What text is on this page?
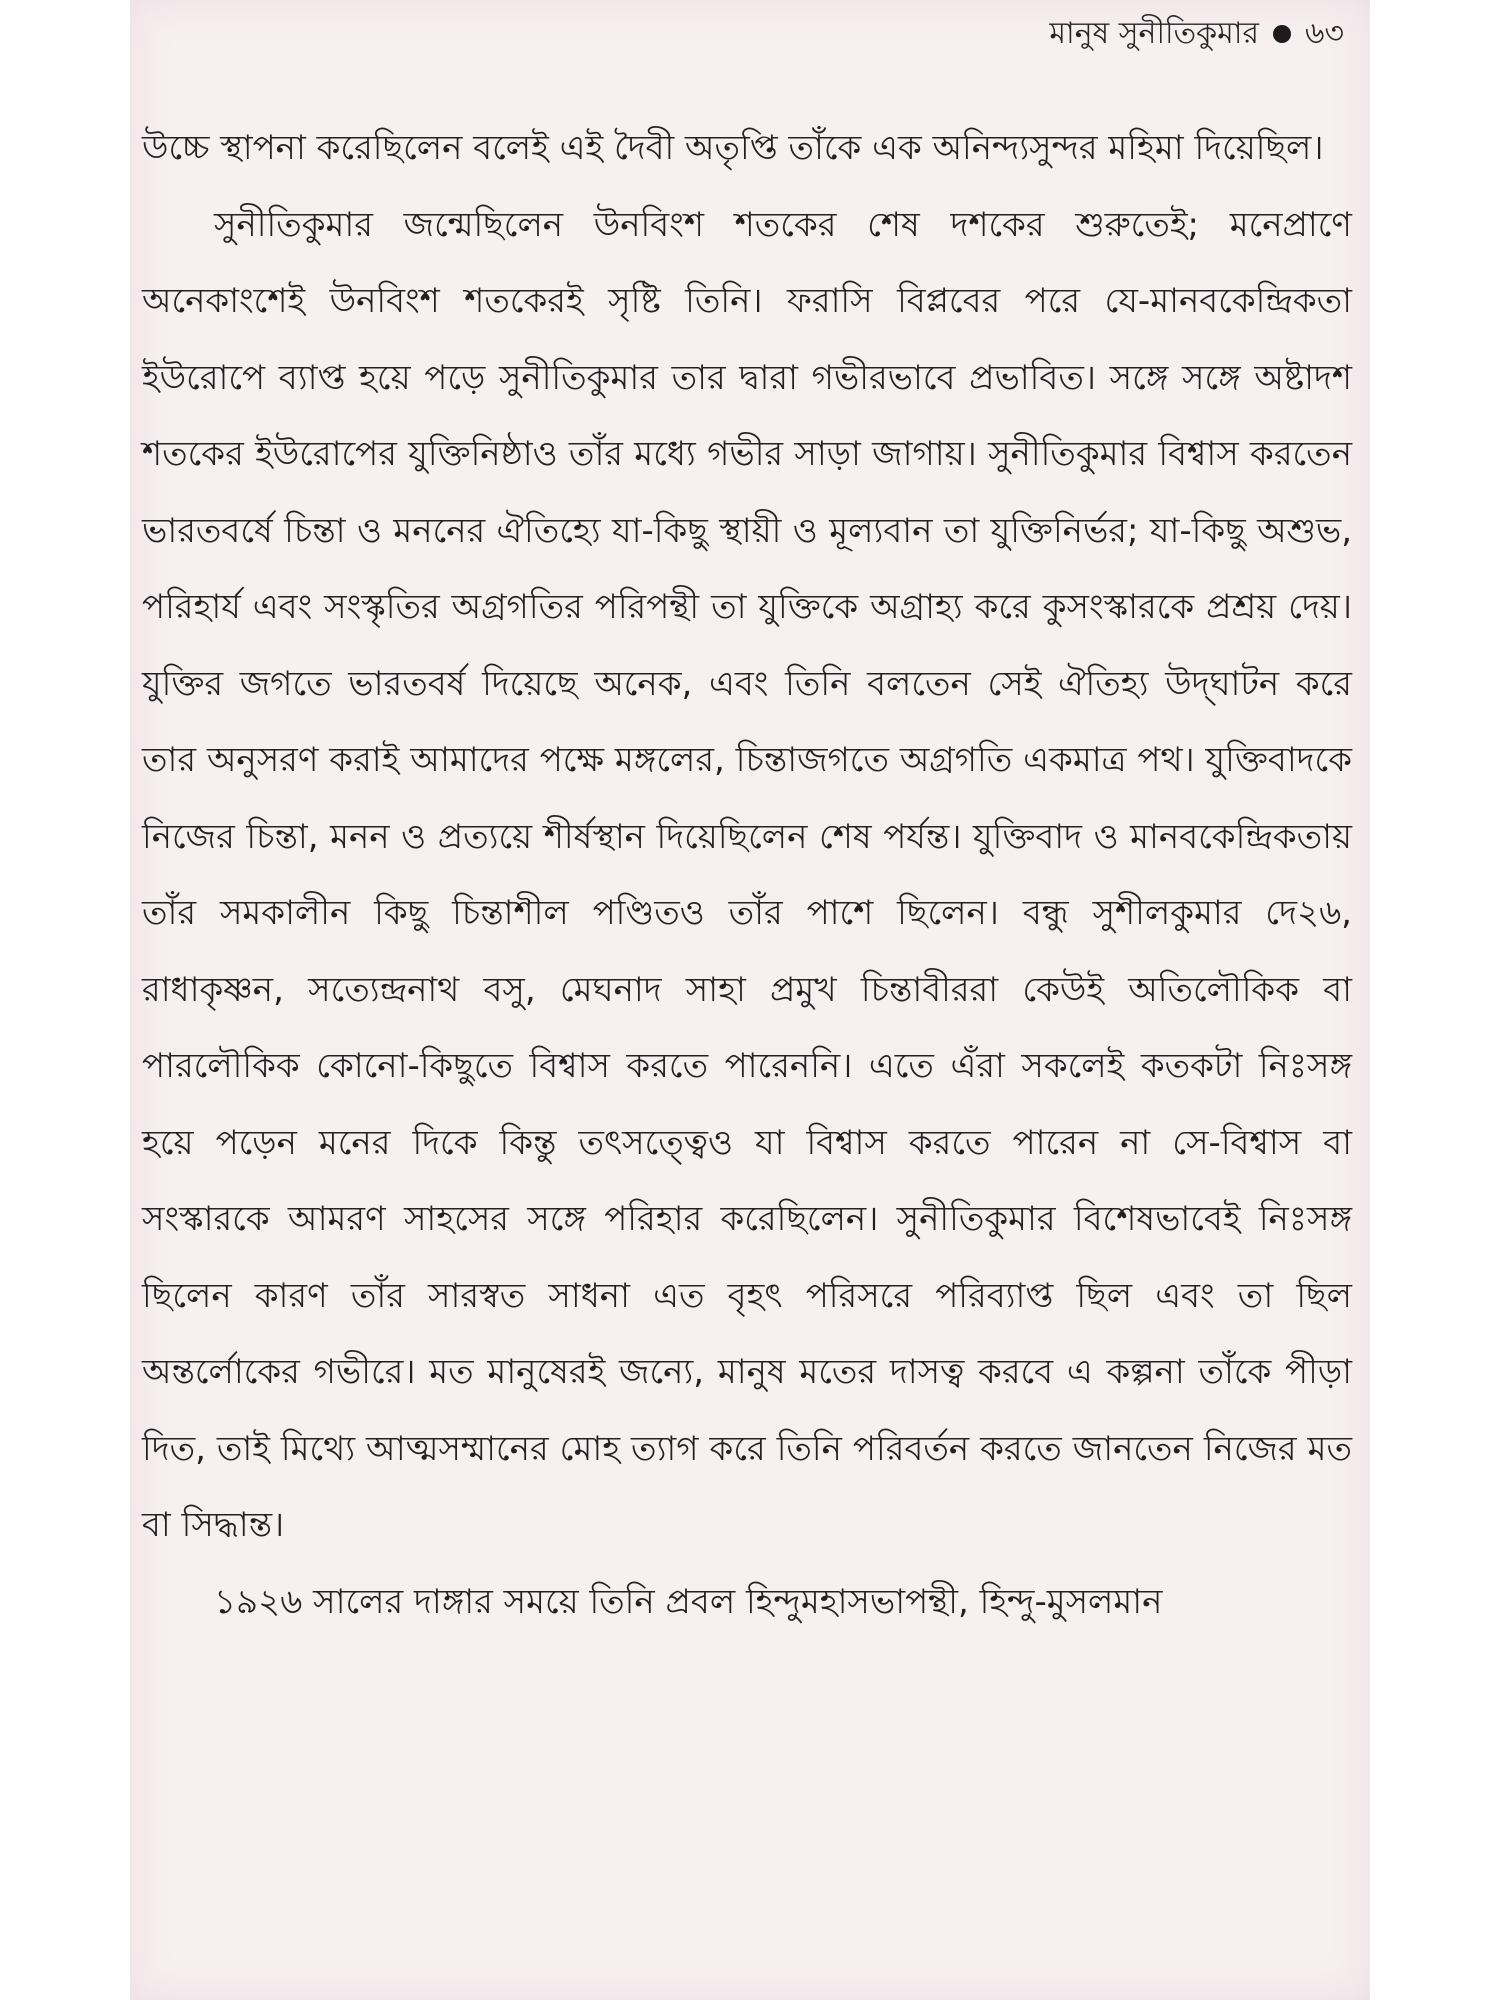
মানুষ সুনীতিকুমার ৬৩

উচ্চে স্থাপনা করেছিলেন বলেই এই দৈবী অতৃপ্তি তাঁকে এক অনিন্দ্যসুন্দর মহিমা দিয়েছিল।

সুনীতিকুমার জন্মেছিলেন উনবিংশ শতকের শেষ দশকের শুরুতেই; মনেপ্রাণে অনেকাংশেই উনবিংশ শতকেরই সৃষ্টি তিনি। ফরাসি বিপ্লবের পরে যে-মানবকেন্দ্রিকতা ইউরোপে ব্যাপ্ত হয়ে পড়ে সুনীতিকুমার তার দ্বারা গভীরভাবে প্রভাবিত। সঙ্গে সঙ্গে অষ্টাদশ শতকের ইউরোপের যুক্তিনিষ্ঠাও তাঁর মধ্যে গভীর সাড়া জাগায়। সুনীতিকুমার বিশ্বাস করতেন ভারতবর্ষে চিন্তা ও মননের ঐতিহ্যে যা-কিছু স্থায়ী ও মূল্যবান তা যুক্তিনির্ভর; যা-কিছু অশুভ, পরিহার্য এবং সংস্কৃতির অগ্রগতির পরিপন্থী তা যুক্তিকে অগ্রাহ্য করে কুসংস্কারকে প্রশ্রয় দেয়। যুক্তির জগতে ভারতবর্ষ দিয়েছে অনেক, এবং তিনি বলতেন সেই ঐতিহ্য উদ্‌ঘাটন করে তার অনুসরণ করাই আমাদের পক্ষে মঙ্গলের, চিন্তাজগতে অগ্রগতি একমাত্র পথ। যুক্তিবাদকে নিজের চিন্তা, মনন ও প্রত্যয়ে শীর্ষস্থান দিয়েছিলেন শেষ পর্যন্ত। যুক্তিবাদ ও মানবকেন্দ্রিকতায় তাঁর সমকালীন কিছু চিন্তাশীল পণ্ডিতও তাঁর পাশে ছিলেন। বন্ধু সুশীলকুমার দে২৬, রাধাকৃষ্ণন, সত্যেন্দ্রনাথ বসু, মেঘনাদ সাহা প্রমুখ চিন্তাবীররা কেউই অতিলৌকিক বা পারলৌকিক কোনো-কিছুতে বিশ্বাস করতে পারেননি। এতে এঁরা সকলেই কতকটা নিঃসঙ্গ হয়ে পড়েন মনের দিকে কিন্তু তৎসত্ত্বেও যা বিশ্বাস করতে পারেন না সে-বিশ্বাস বা সংস্কারকে আমরণ সাহসের সঙ্গে পরিহার করেছিলেন। সুনীতিকুমার বিশেষভাবেই নিঃসঙ্গ ছিলেন কারণ তাঁর সারস্বত সাধনা এত বৃহৎ পরিসরে পরিব্যাপ্ত ছিল এবং তা ছিল অন্তর্লোকের গভীরে। মত মানুষেরই জন্যে, মানুষ মতের দাসত্ব করবে এ কল্পনা তাঁকে পীড়া দিত, তাই মিথ্যে আত্মসম্মানের মোহ ত্যাগ করে তিনি পরিবর্তন করতে জানতেন নিজের মত বা সিদ্ধান্ত।

১৯২৬ সালের দাঙ্গার সময়ে তিনি প্রবল হিন্দুমহাসভাপন্থী, হিন্দু-মুসলমান
